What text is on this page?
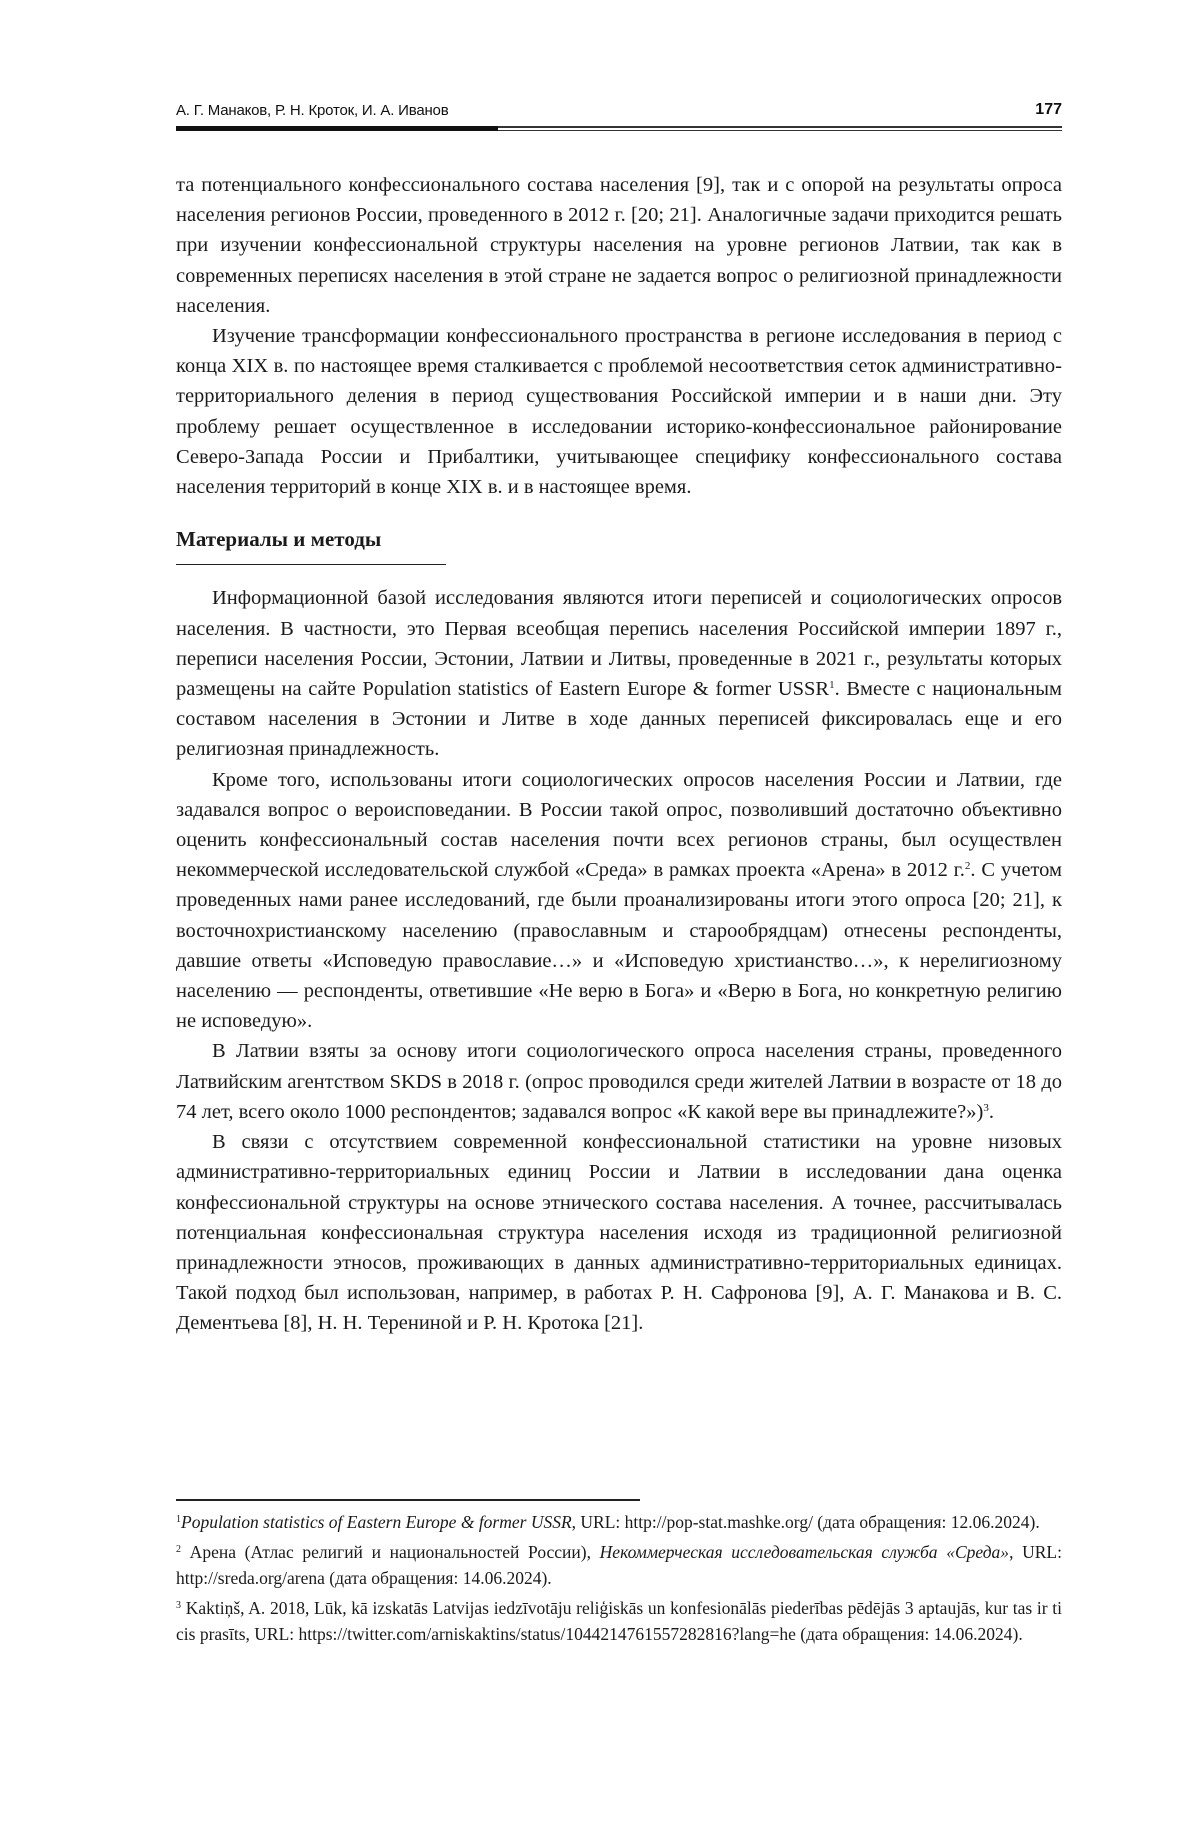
А. Г. Манаков, Р. Н. Кроток, И. А. Иванов	177

та потенциального конфессионального состава населения [9], так и с опорой на результаты опроса населения регионов России, проведенного в 2012 г. [20; 21]. Аналогичные задачи приходится решать при изучении конфессиональной структуры населения на уровне регионов Латвии, так как в современных переписях населения в этой стране не задается вопрос о религиозной принадлежности населения.

Изучение трансформации конфессионального пространства в регионе исследования в период с конца XIX в. по настоящее время сталкивается с проблемой несоответствия сеток административно-территориального деления в период существования Российской империи и в наши дни. Эту проблему решает осуществленное в исследовании историко-конфессиональное районирование Северо-Запада России и Прибалтики, учитывающее специфику конфессионального состава населения территорий в конце XIX в. и в настоящее время.

Материалы и методы

Информационной базой исследования являются итоги переписей и социологических опросов населения. В частности, это Первая всеобщая перепись населения Российской империи 1897 г., переписи населения России, Эстонии, Латвии и Литвы, проведенные в 2021 г., результаты которых размещены на сайте Population statistics of Eastern Europe & former USSR$^1$. Вместе с национальным составом населения в Эстонии и Литве в ходе данных переписей фиксировалась еще и его религиозная принадлежность.

Кроме того, использованы итоги социологических опросов населения России и Латвии, где задавался вопрос о вероисповедании. В России такой опрос, позволивший достаточно объективно оценить конфессиональный состав населения почти всех регионов страны, был осуществлен некоммерческой исследовательской службой «Среда» в рамках проекта «Арена» в 2012 г.$^2$. С учетом проведенных нами ранее исследований, где были проанализированы итоги этого опроса [20; 21], к восточнохристианскому населению (православным и старообрядцам) отнесены респонденты, давшие ответы «Исповедую православие…» и «Исповедую христианство…», к нерелигиозному населению — респонденты, ответившие «Не верю в Бога» и «Верю в Бога, но конкретную религию не исповедую».

В Латвии взяты за основу итоги социологического опроса населения страны, проведенного Латвийским агентством SKDS в 2018 г. (опрос проводился среди жителей Латвии в возрасте от 18 до 74 лет, всего около 1000 респондентов; задавался вопрос «К какой вере вы принадлежите?»)$^3$.

В связи с отсутствием современной конфессиональной статистики на уровне низовых административно-территориальных единиц России и Латвии в исследовании дана оценка конфессиональной структуры на основе этнического состава населения. А точнее, рассчитывалась потенциальная конфессиональная структура населения исходя из традиционной религиозной принадлежности этносов, проживающих в данных административно-территориальных единицах. Такой подход был использован, например, в работах Р. Н. Сафронова [9], А. Г. Манакова и В. С. Дементьева [8], Н. Н. Терениной и Р. Н. Кротока [21].

$^1$Population statistics of Eastern Europe & former USSR, URL: http://pop-stat.mashke.org/ (дата обращения: 12.06.2024).

$^2$ Арена (Атлас религий и национальностей России), Некоммерческая исследовательская служба «Среда», URL: http://sreda.org/arena (дата обращения: 14.06.2024).

$^3$ Kaktiņš, A. 2018, Lūk, kā izskatās Latvijas iedzīvotāju reliģiskās un konfesionālās piederības pēdējās 3 aptaujās, kur tas ir ticis prasīts, URL: https://twitter.com/arniskaktins/status/1044214761557282816?lang=he (дата обращения: 14.06.2024).
